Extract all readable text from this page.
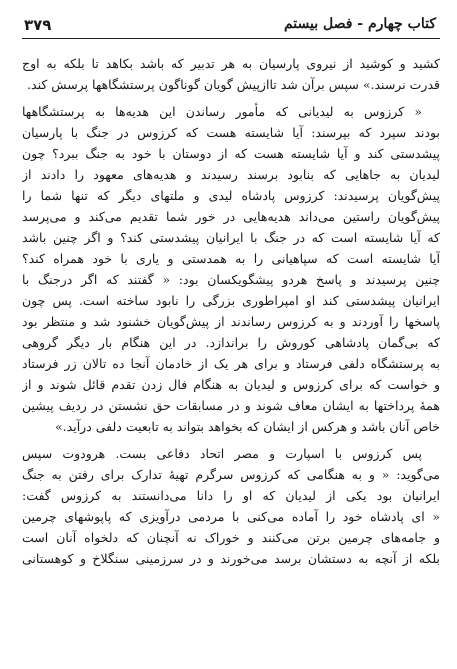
۳۷۹	کتاب چهارم - فصل بیستم

کشید و کوشید از نیروی پارسیان به هر تدبیر که باشد بکاهد تا بلکه به اوج
قدرت نرسند.» سپس برآن شد تاازپیش گویان گوناگون پرستشگاهها پرسش کند.

« کرزوس به لیدیانی که مأمور رساندن این هدیه‌ها به پرستشگاهها
بودند سپرد که بپرسند: آیا شایسته هست که کرزوس در جنگ با پارسیان
پیشدستی کند و آیا شایسته هست که از دوستان با خود به جنگ ببرد؟ چون
لیدیان به جاهایی که بنابود برسند رسیدند و هدیه‌های معهود را دادند از
پیش‌گویان پرسیدند: کرزوس پادشاه لیدی و ملتهای دیگر که تنها شما را
پیش‌گویان راستین می‌داند هدیه‌هایی در خور شما تقدیم می‌کند و می‌پرسد
که آیا شایسته است که در جنگ با ایرانیان پیشدستی کند؟ و اگر چنین باشد
آیا شایسته است که سپاهیانی را به همدستی و یاری با خود همراه کند؟
چنین پرسیدند و پاسخ هردو پیشگویکسان بود: « گفتند که اگر درجنگ با
ایرانیان پیشدستی کند او امپراطوری بزرگی را نابود ساخته است. پس چون
پاسخها را آوردند و به کرزوس رساندند از پیش‌گویان خشنود شد و منتظر بود
که بی‌گمان پادشاهی کوروش را براندازد. در این هنگام بار دیگر گروهی
به پرستشگاه دلفی فرستاد و برای هر یک از خادمان آنجا ده تالان زر فرستاد
و خواست که برای کرزوس و لیدیان به هنگام فال زدن تقدم قائل شوند و از
همهٔ پرداختها به ایشان معاف شوند و در مسابقات حق نشستن در ردیف پیشین
خاص آنان باشد و هرکس از ایشان که بخواهد بتواند به تابعیت دلفی درآید.»

پس کرزوس با اسپارت و مصر اتحاد دفاعی بست. هرودوت سپس
می‌گوید: « و به هنگامی که کرزوس سرگرم تهیهٔ تدارک برای رفتن به جنگ
ایرانیان بود یکی از لیدیان که او را دانا می‌دانستند به کرزوس گفت:
« ای پادشاه خود را آماده می‌کنی با مردمی درآویزی که پاپوشهای چرمین
و جامه‌های چرمین برتن می‌کنند و خوراک نه آنچنان که دلخواه آنان است
بلکه از آنچه به دستشان برسد می‌خورند و در سرزمینی سنگلاخ و کوهستانی
